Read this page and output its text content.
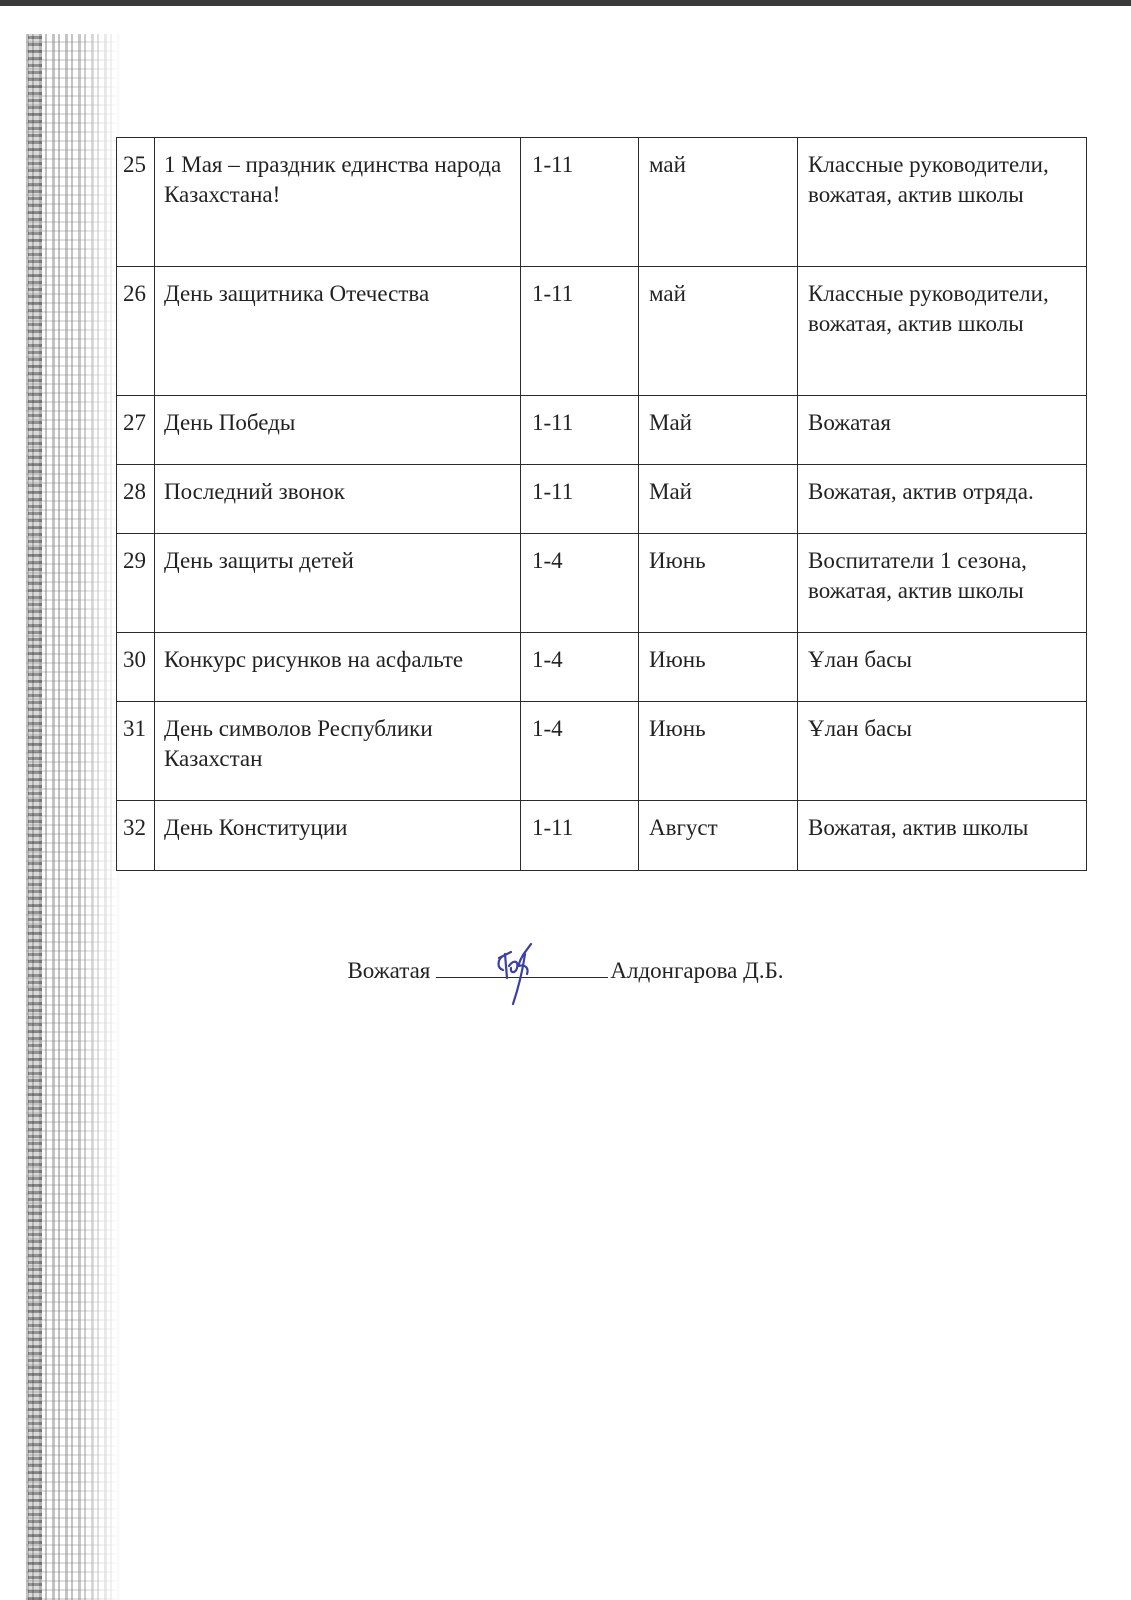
25	1 Мая – праздник единства народа Казахстана!	1-11	май	Классные руководители, вожатая, актив школы
26	День защитника Отечества	1-11	май	Классные руководители, вожатая, актив школы
27	День Победы	1-11	Май	Вожатая
28	Последний звонок	1-11	Май	Вожатая, актив отряда.
29	День защиты детей	1-4	Июнь	Воспитатели 1 сезона, вожатая, актив школы
30	Конкурс рисунков на асфальте	1-4	Июнь	Ұлан басы
31	День символов Республики Казахстан	1-4	Июнь	Ұлан басы
32	День Конституции	1-11	Август	Вожатая, актив школы
Вожатая	Алдонгарова Д.Б.
